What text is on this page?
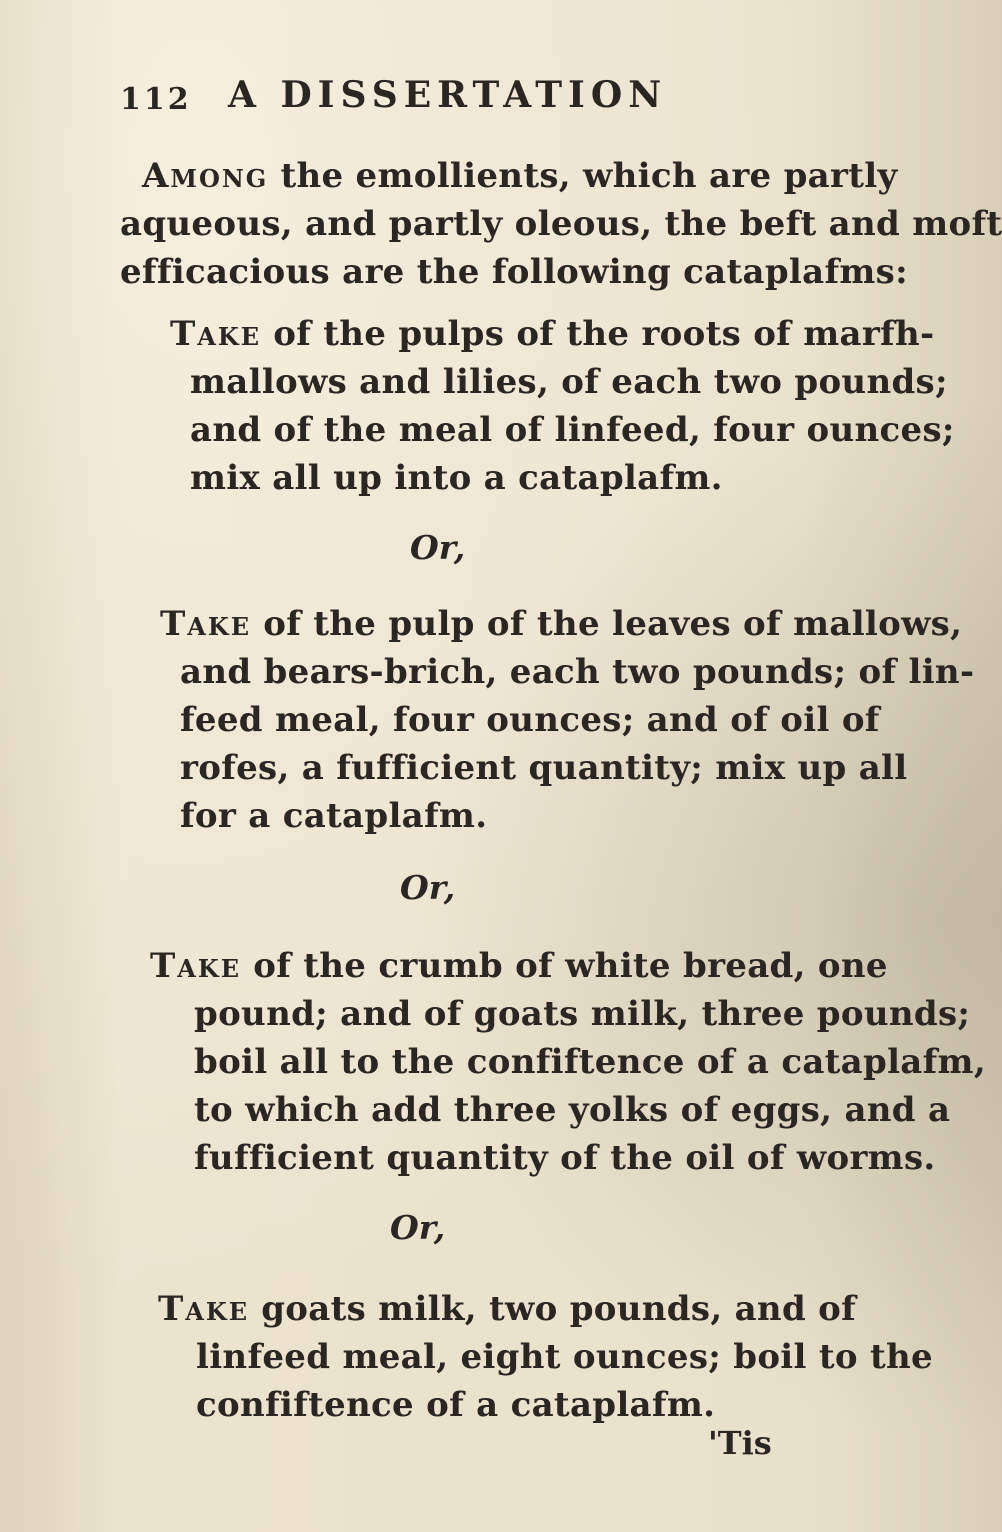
112 A DISSERTATION
Among the emollients, which are partly
aqueous, and partly oleous, the beft and moft
efficacious are the following cataplafms:
Take of the pulps of the roots of marfh-
mallows and lilies, of each two pounds;
and of the meal of linfeed, four ounces;
mix all up into a cataplafm.
Or,
Take of the pulp of the leaves of mallows,
and bears-brich, each two pounds; of lin-
feed meal, four ounces; and of oil of
rofes, a fufficient quantity; mix up all
for a cataplafm.
Or,
Take of the crumb of white bread, one
pound; and of goats milk, three pounds;
boil all to the confiftence of a cataplafm,
to which add three yolks of eggs, and a
fufficient quantity of the oil of worms.
Or,
Take goats milk, two pounds, and of
linfeed meal, eight ounces; boil to the
confiftence of a cataplafm.
'Tis
